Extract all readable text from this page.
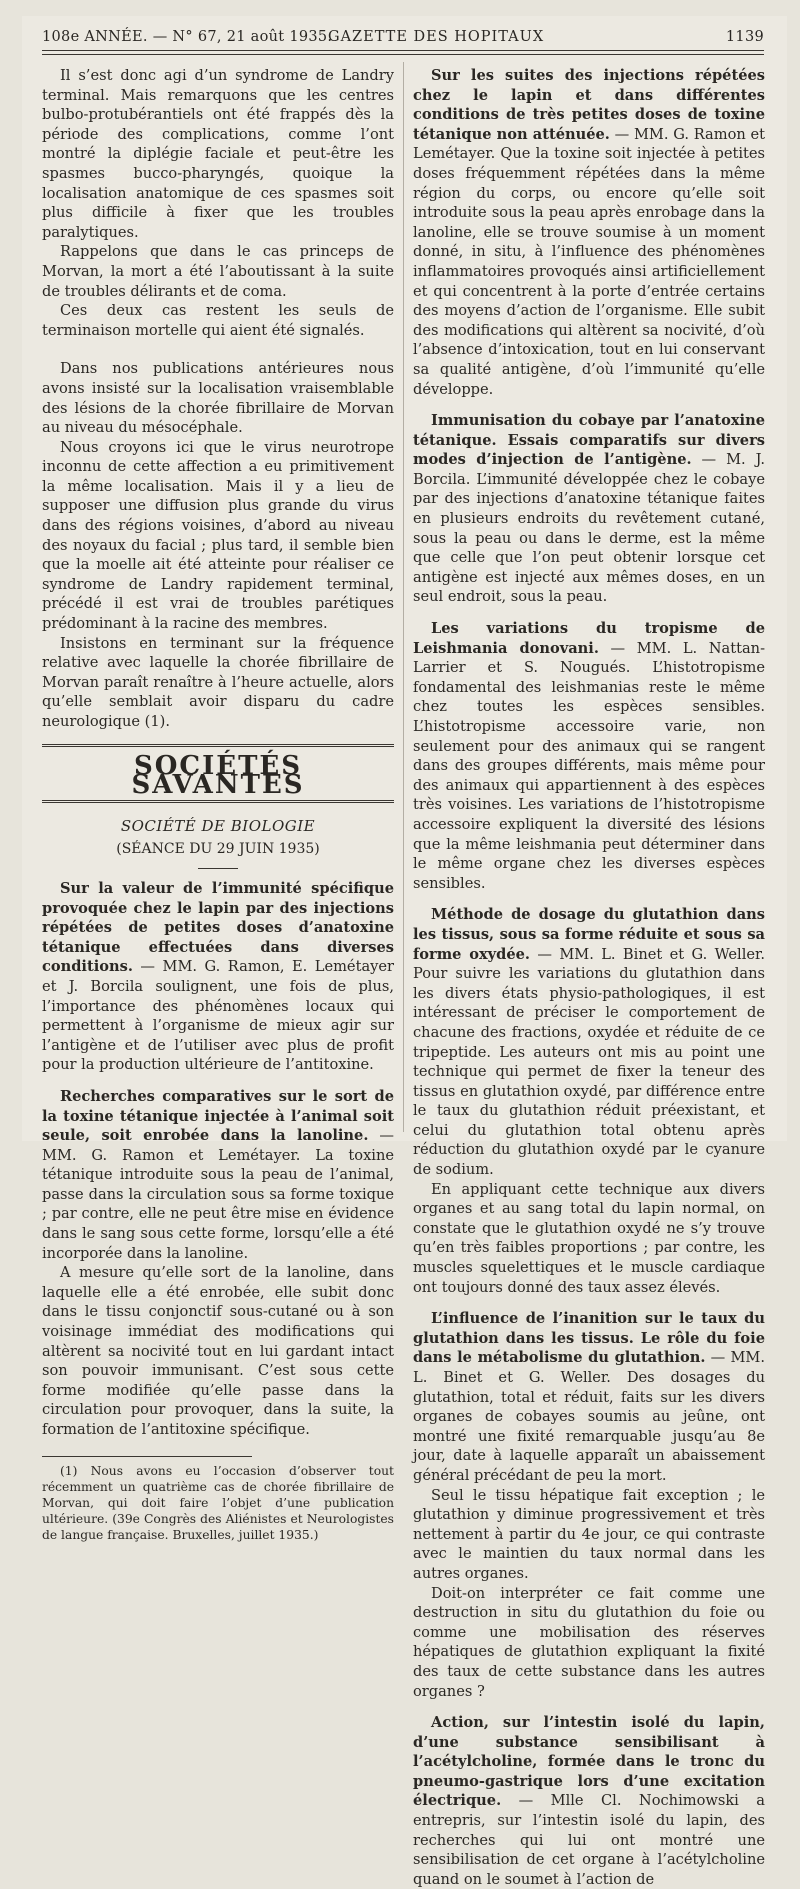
108e ANNÉE. — N° 67, 21 août 1935.
GAZETTE DES HOPITAUX	1139

Il s’est donc agi d’un syndrome de Landry terminal. Mais remarquons que les centres bulbo-protubérantiels ont été frappés dès la période des complications, comme l’ont montré la diplégie faciale et peut-être les spasmes bucco-pharyngés, quoique la localisation anatomique de ces spasmes soit plus difficile à fixer que les troubles paralytiques.

Rappelons que dans le cas princeps de Morvan, la mort a été l’aboutissant à la suite de troubles délirants et de coma.

Ces deux cas restent les seuls de terminaison mortelle qui aient été signalés.

Dans nos publications antérieures nous avons insisté sur la localisation vraisemblable des lésions de la chorée fibrillaire de Morvan au niveau du mésocéphale.

Nous croyons ici que le virus neurotrope inconnu de cette affection a eu primitivement la même localisation. Mais il y a lieu de supposer une diffusion plus grande du virus dans des régions voisines, d’abord au niveau des noyaux du facial ; plus tard, il semble bien que la moelle ait été atteinte pour réaliser ce syndrome de Landry rapidement terminal, précédé il est vrai de troubles parétiques prédominant à la racine des membres.

Insistons en terminant sur la fréquence relative avec laquelle la chorée fibrillaire de Morvan paraît renaître à l’heure actuelle, alors qu’elle semblait avoir disparu du cadre neurologique (1).

SOCIÉTÉS SAVANTES
SOCIÉTÉ DE BIOLOGIE
(SÉANCE DU 29 JUIN 1935)

Sur la valeur de l’immunité spécifique provoquée chez le lapin par des injections répétées de petites doses d’anatoxine tétanique effectuées dans diverses conditions. — MM. G. Ramon, E. Lemétayer et J. Borcila soulignent, une fois de plus, l’importance des phénomènes locaux qui permettent à l’organisme de mieux agir sur l’antigène et de l’utiliser avec plus de profit pour la production ultérieure de l’antitoxine.

Recherches comparatives sur le sort de la toxine tétanique injectée à l’animal soit seule, soit enrobée dans la lanoline. — MM. G. Ramon et Lemétayer. La toxine tétanique introduite sous la peau de l’animal, passe dans la circulation sous sa forme toxique ; par contre, elle ne peut être mise en évidence dans le sang sous cette forme, lorsqu’elle a été incorporée dans la lanoline.

A mesure qu’elle sort de la lanoline, dans laquelle elle a été enrobée, elle subit donc dans le tissu conjonctif sous-cutané ou à son voisinage immédiat des modifications qui altèrent sa nocivité tout en lui gardant intact son pouvoir immunisant. C’est sous cette forme modifiée qu’elle passe dans la circulation pour provoquer, dans la suite, la formation de l’antitoxine spécifique.

(1) Nous avons eu l’occasion d’observer tout récemment un quatrième cas de chorée fibrillaire de Morvan, qui doit faire l’objet d’une publication ultérieure. (39e Congrès des Aliénistes et Neurologistes de langue française. Bruxelles, juillet 1935.)

Sur les suites des injections répétées chez le lapin et dans différentes conditions de très petites doses de toxine tétanique non atténuée. — MM. G. Ramon et Lemétayer. Que la toxine soit injectée à petites doses fréquemment répétées dans la même région du corps, ou encore qu’elle soit introduite sous la peau après enrobage dans la lanoline, elle se trouve soumise à un moment donné, in situ, à l’influence des phénomènes inflammatoires provoqués ainsi artificiellement et qui concentrent à la porte d’entrée certains des moyens d’action de l’organisme. Elle subit des modifications qui altèrent sa nocivité, d’où l’absence d’intoxication, tout en lui conservant sa qualité antigène, d’où l’immunité qu’elle développe.

Immunisation du cobaye par l’anatoxine tétanique. Essais comparatifs sur divers modes d’injection de l’antigène. — M. J. Borcila. L’immunité développée chez le cobaye par des injections d’anatoxine tétanique faites en plusieurs endroits du revêtement cutané, sous la peau ou dans le derme, est la même que celle que l’on peut obtenir lorsque cet antigène est injecté aux mêmes doses, en un seul endroit, sous la peau.

Les variations du tropisme de Leishmania donovani. — MM. L. Nattan-Larrier et S. Nougués. L’histotropisme fondamental des leishmanias reste le même chez toutes les espèces sensibles. L’histotropisme accessoire varie, non seulement pour des animaux qui se rangent dans des groupes différents, mais même pour des animaux qui appartiennent à des espèces très voisines. Les variations de l’histotropisme accessoire expliquent la diversité des lésions que la même leishmania peut déterminer dans le même organe chez les diverses espèces sensibles.

Méthode de dosage du glutathion dans les tissus, sous sa forme réduite et sous sa forme oxydée. — MM. L. Binet et G. Weller. Pour suivre les variations du glutathion dans les divers états physio-pathologiques, il est intéressant de préciser le comportement de chacune des fractions, oxydée et réduite de ce tripeptide. Les auteurs ont mis au point une technique qui permet de fixer la teneur des tissus en glutathion oxydé, par différence entre le taux du glutathion réduit préexistant, et celui du glutathion total obtenu après réduction du glutathion oxydé par le cyanure de sodium.

En appliquant cette technique aux divers organes et au sang total du lapin normal, on constate que le glutathion oxydé ne s’y trouve qu’en très faibles proportions ; par contre, les muscles squelettiques et le muscle cardiaque ont toujours donné des taux assez élevés.

L’influence de l’inanition sur le taux du glutathion dans les tissus. Le rôle du foie dans le métabolisme du glutathion. — MM. L. Binet et G. Weller. Des dosages du glutathion, total et réduit, faits sur les divers organes de cobayes soumis au jeûne, ont montré une fixité remarquable jusqu’au 8e jour, date à laquelle apparaît un abaissement général précédant de peu la mort.

Seul le tissu hépatique fait exception ; le glutathion y diminue progressivement et très nettement à partir du 4e jour, ce qui contraste avec le maintien du taux normal dans les autres organes.

Doit-on interpréter ce fait comme une destruction in situ du glutathion du foie ou comme une mobilisation des réserves hépatiques de glutathion expliquant la fixité des taux de cette substance dans les autres organes ?

Action, sur l’intestin isolé du lapin, d’une substance sensibilisant à l’acétylcholine, formée dans le tronc du pneumo-gastrique lors d’une excitation électrique. — Mlle Cl. Nochimowski a entrepris, sur l’intestin isolé du lapin, des recherches qui lui ont montré une sensibilisation de cet organe à l’acétylcholine quand on le soumet à l’action de
